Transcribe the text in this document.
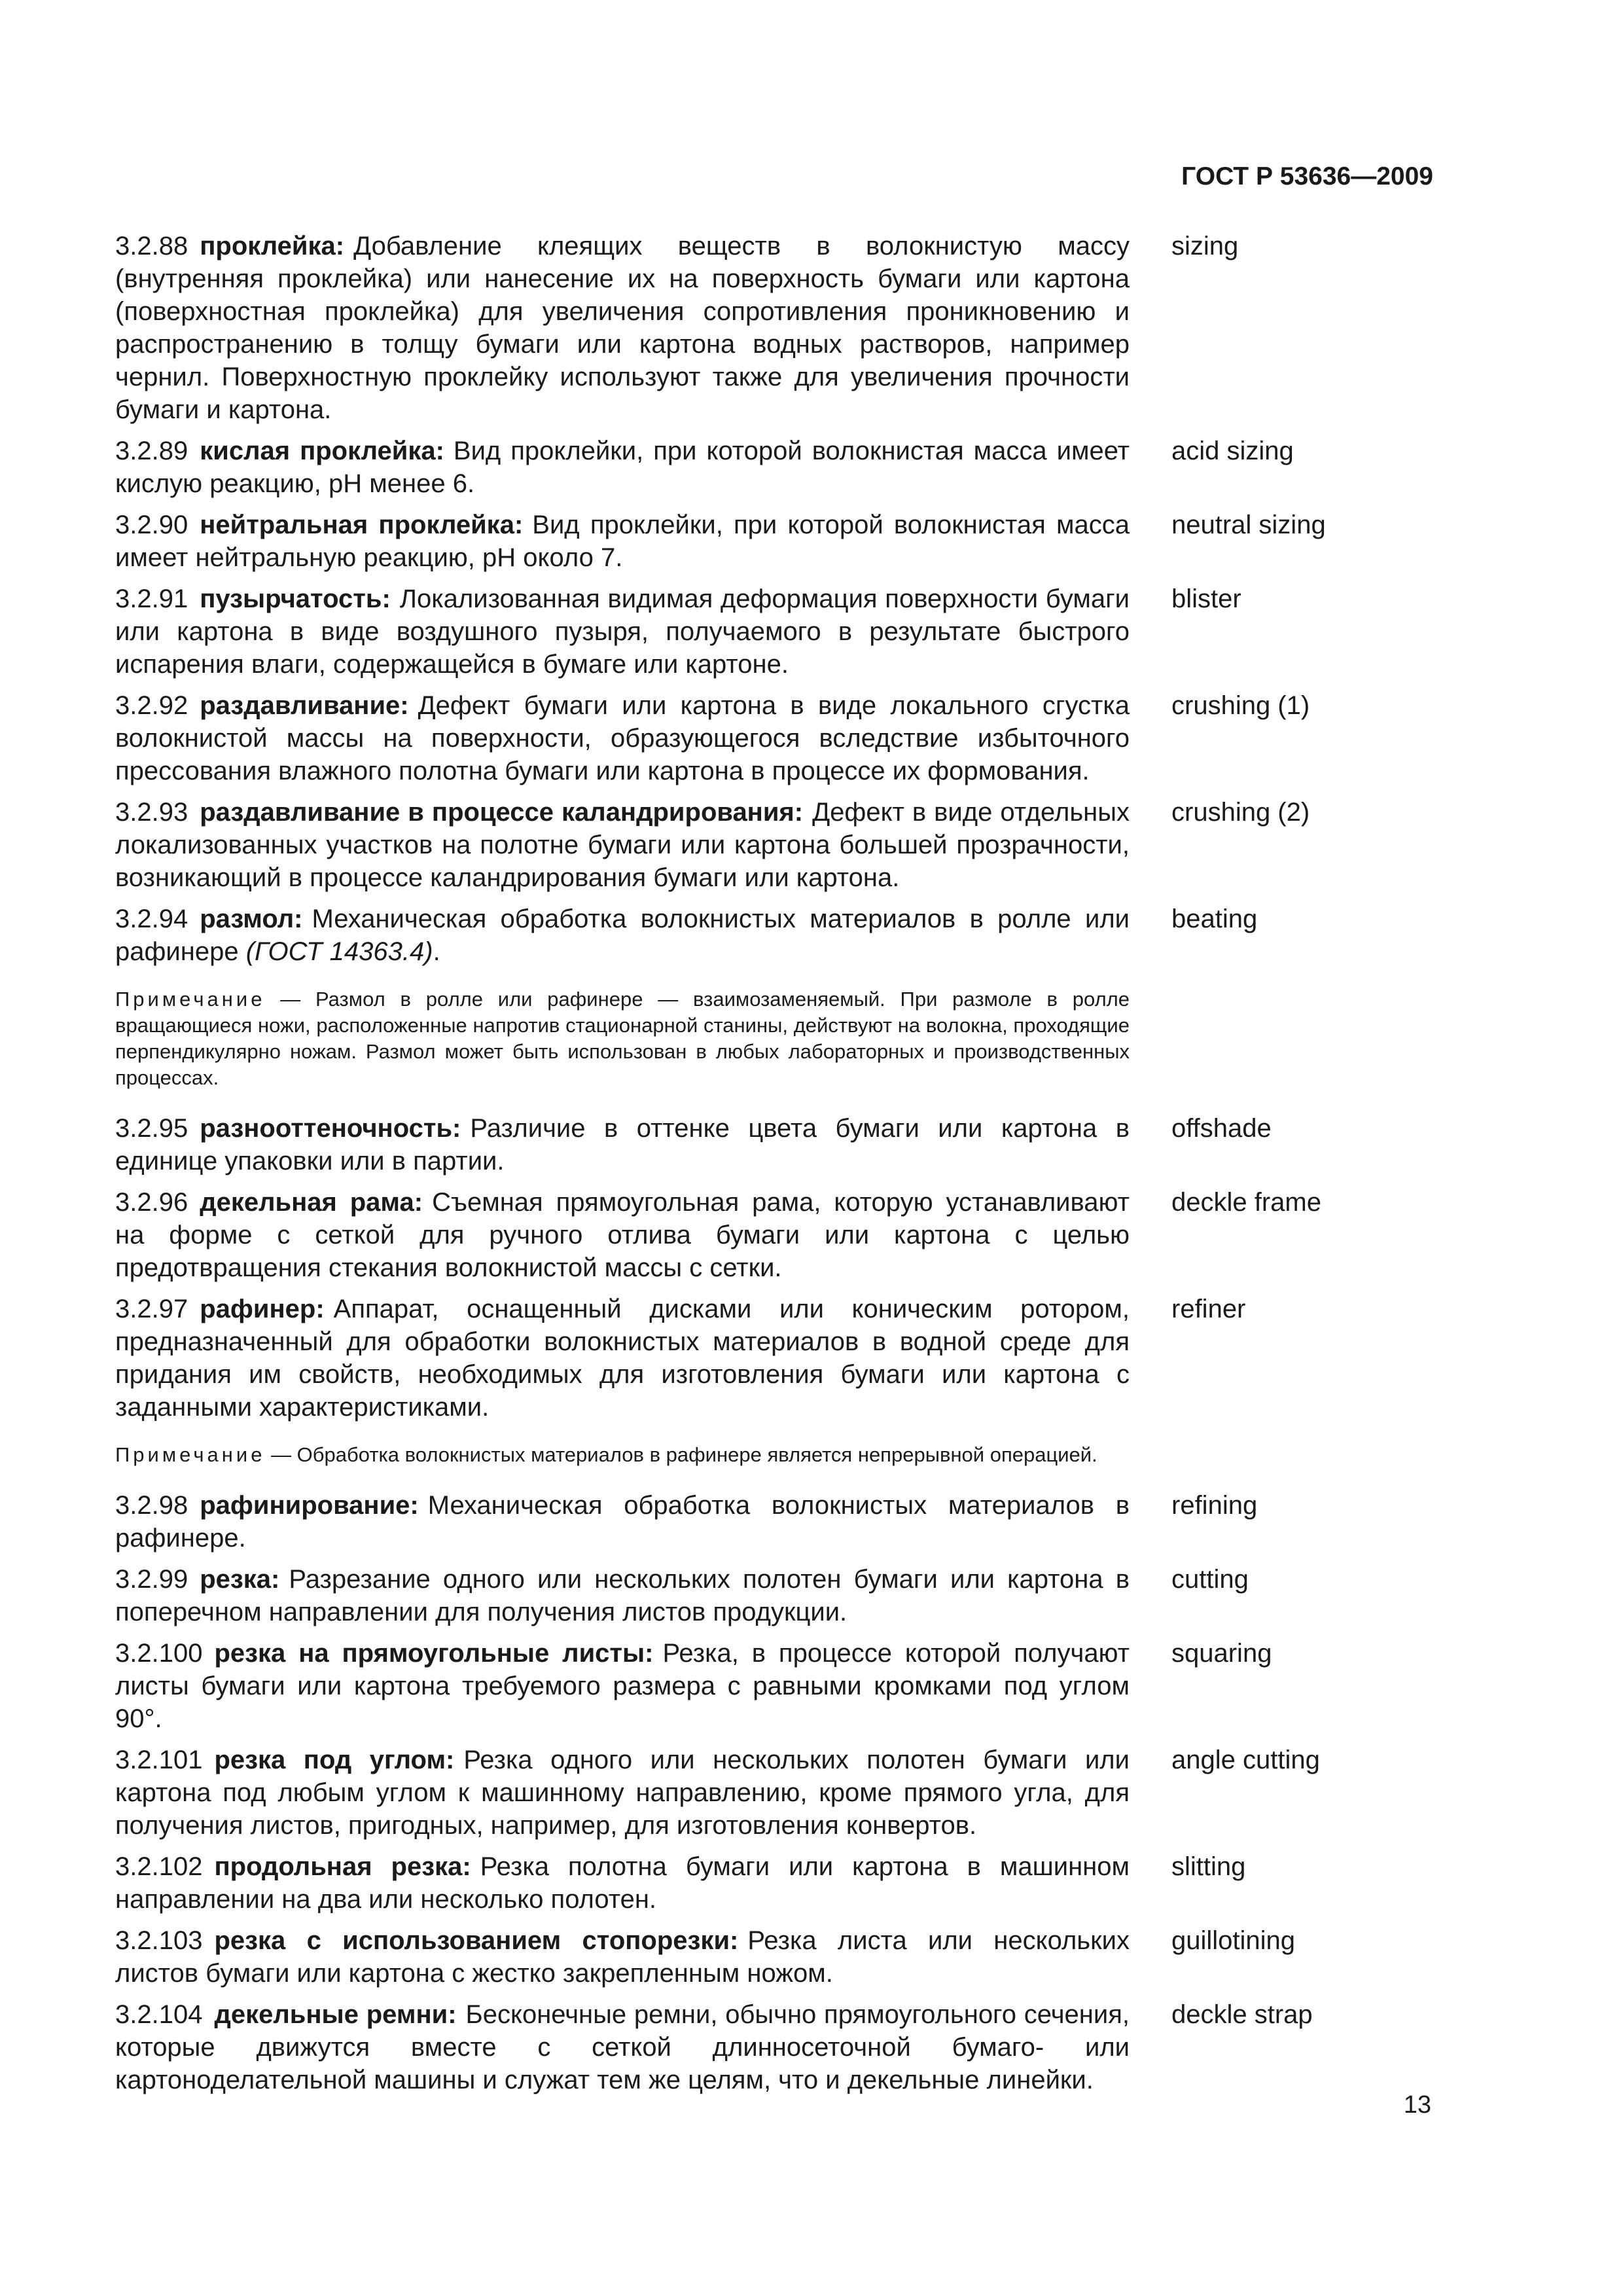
ГОСТ Р 53636—2009
3.2.88 проклейка: Добавление клеящих веществ в волокнистую массу (внутренняя проклейка) или нанесение их на поверхность бумаги или картона (поверхностная проклейка) для увеличения сопротивления проникновению и распространению в толщу бумаги или картона водных растворов, например чернил. Поверхностную проклейку используют также для увеличения прочности бумаги и картона.
sizing
3.2.89 кислая проклейка: Вид проклейки, при которой волокнистая масса имеет кислую реакцию, pH менее 6.
acid sizing
3.2.90 нейтральная проклейка: Вид проклейки, при которой волокнистая масса имеет нейтральную реакцию, pH около 7.
neutral sizing
3.2.91 пузырчатость: Локализованная видимая деформация поверхности бумаги или картона в виде воздушного пузыря, получаемого в результате быстрого испарения влаги, содержащейся в бумаге или картоне.
blister
3.2.92 раздавливание: Дефект бумаги или картона в виде локального сгустка волокнистой массы на поверхности, образующегося вследствие избыточного прессования влажного полотна бумаги или картона в процессе их формования.
crushing (1)
3.2.93 раздавливание в процессе каландрирования: Дефект в виде отдельных локализованных участков на полотне бумаги или картона большей прозрачности, возникающий в процессе каландрирования бумаги или картона.
crushing (2)
3.2.94 размол: Механическая обработка волокнистых материалов в ролле или рафинере (ГОСТ 14363.4).
beating
Примечание — Размол в ролле или рафинере — взаимозаменяемый. При размоле в ролле вращающиеся ножи, расположенные напротив стационарной станины, действуют на волокна, проходящие перпендикулярно ножам. Размол может быть использован в любых лабораторных и производственных процессах.
3.2.95 разнооттеночность: Различие в оттенке цвета бумаги или картона в единице упаковки или в партии.
offshade
3.2.96 декельная рама: Съемная прямоугольная рама, которую устанавливают на форме с сеткой для ручного отлива бумаги или картона с целью предотвращения стекания волокнистой массы с сетки.
deckle frame
3.2.97 рафинер: Аппарат, оснащенный дисками или коническим ротором, предназначенный для обработки волокнистых материалов в водной среде для придания им свойств, необходимых для изготовления бумаги или картона с заданными характеристиками.
refiner
Примечание — Обработка волокнистых материалов в рафинере является непрерывной операцией.
3.2.98 рафинирование: Механическая обработка волокнистых материалов в рафинере.
refining
3.2.99 резка: Разрезание одного или нескольких полотен бумаги или картона в поперечном направлении для получения листов продукции.
cutting
3.2.100 резка на прямоугольные листы: Резка, в процессе которой получают листы бумаги или картона требуемого размера с равными кромками под углом 90°.
squaring
3.2.101 резка под углом: Резка одного или нескольких полотен бумаги или картона под любым углом к машинному направлению, кроме прямого угла, для получения листов, пригодных, например, для изготовления конвертов.
angle cutting
3.2.102 продольная резка: Резка полотна бумаги или картона в машинном направлении на два или несколько полотен.
slitting
3.2.103 резка с использованием стопорезки: Резка листа или нескольких листов бумаги или картона с жестко закрепленным ножом.
guillotining
3.2.104 декельные ремни: Бесконечные ремни, обычно прямоугольного сечения, которые движутся вместе с сеткой длинносеточной бумаго- или картоноделательной машины и служат тем же целям, что и декельные линейки.
deckle strap
13
